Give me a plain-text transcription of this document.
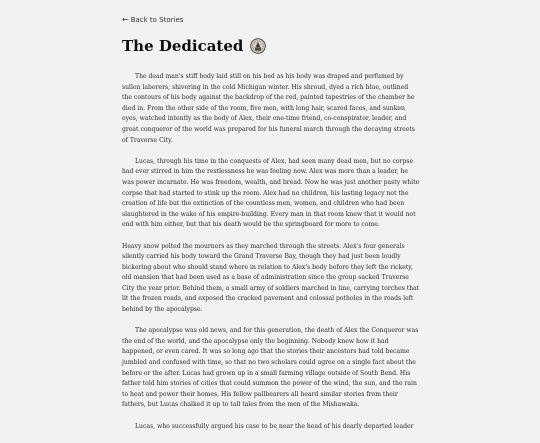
← Back to Stories
The Dedicated

The dead man's stiff body laid still on his bed as his body was draped and perfumed by sullen laborers, shivering in the cold Michigan winter. His shroud, dyed a rich blue, outlined the contours of his body against the backdrop of the red, painted tapestries of the chamber he died in. From the other side of the room, five men, with long hair, scared faces, and sunken eyes, watched intently as the body of Alex, their one-time friend, co-conspirator, leader, and great conqueror of the world was prepared for his funeral march through the decaying streets of Traverse City.

Lucas, through his time in the conquests of Alex, had seen many dead men, but no corpse had ever stirred in him the restlessness he was feeling now. Alex was more than a leader, he was power incarnate. He was freedom, wealth, and bread. Now he was just another pasty white corpse that had started to stink up the room. Alex had no children, his lasting legacy not the creation of life but the extinction of the countless men, women, and children who had been slaughtered in the wake of his empire-building. Every man in that room knew that it would not end with him either, but that his death would be the springboard for more to come.

Heavy snow pelted the mourners as they marched through the streets. Alex's four generals silently carried his body toward the Grand Traverse Bay, though they had just been loudly bickering about who should stand where in relation to Alex's body before they left the rickety, old mansion that had been used as a base of administration since the group sacked Traverse City the year prior. Behind them, a small army of soldiers marched in line, carrying torches that lit the frozen roads, and exposed the cracked pavement and colossal potholes in the roads left behind by the apocalypse.

The apocalypse was old news, and for this generation, the death of Alex the Conqueror was the end of the world, and the apocalypse only the beginning. Nobody knew how it had happened, or even cared. It was so long ago that the stories their ancestors had told became jumbled and confused with time, so that no two scholars could agree on a single fact about the before or the after. Lucas had grown up in a small farming village outside of South Bend. His father told him stories of cities that could summon the power of the wind, the sun, and the rain to heat and power their homes. His fellow pallbearers all heard similar stories from their fathers, but Lucas chalked it up to tall tales from the men of the Mishawaka.

Lucas, who successfully argued his case to be near the head of his dearly departed leader
